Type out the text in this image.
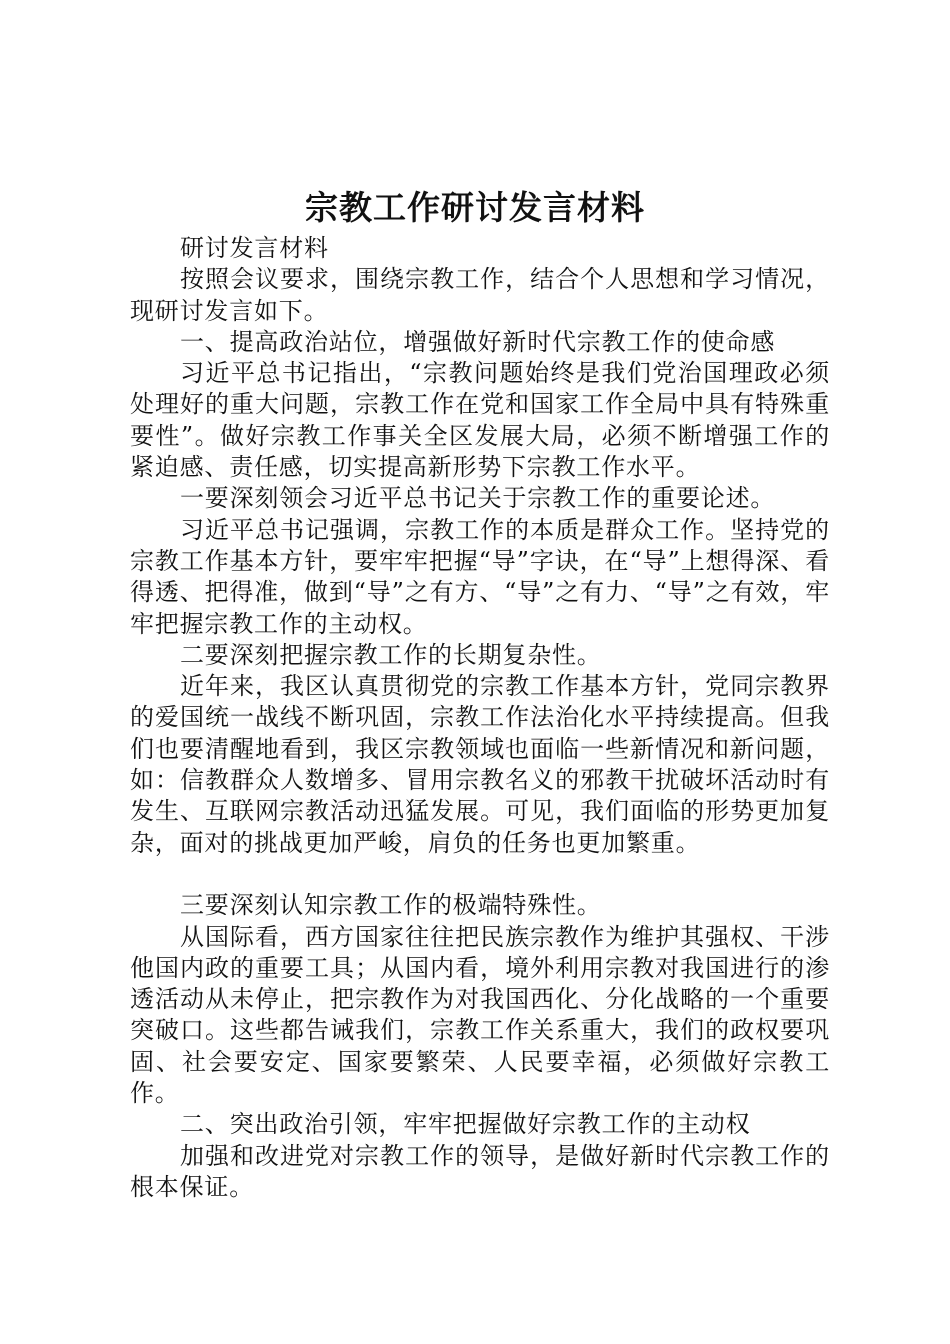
宗教工作研讨发言材料

研讨发言材料

按照会议要求，围绕宗教工作，结合个人思想和学习情况，现研讨发言如下。

一、提高政治站位，增强做好新时代宗教工作的使命感

习近平总书记指出，“宗教问题始终是我们党治国理政必须处理好的重大问题，宗教工作在党和国家工作全局中具有特殊重要性”。做好宗教工作事关全区发展大局，必须不断增强工作的紧迫感、责任感，切实提高新形势下宗教工作水平。

一要深刻领会习近平总书记关于宗教工作的重要论述。

习近平总书记强调，宗教工作的本质是群众工作。坚持党的宗教工作基本方针，要牢牢把握“导”字诀，在“导”上想得深、看得透、把得准，做到“导”之有方、“导”之有力、“导”之有效，牢牢把握宗教工作的主动权。

二要深刻把握宗教工作的长期复杂性。

近年来，我区认真贯彻党的宗教工作基本方针，党同宗教界的爱国统一战线不断巩固，宗教工作法治化水平持续提高。但我们也要清醒地看到，我区宗教领域也面临一些新情况和新问题，如：信教群众人数增多、冒用宗教名义的邪教干扰破坏活动时有发生、互联网宗教活动迅猛发展。可见，我们面临的形势更加复杂，面对的挑战更加严峻，肩负的任务也更加繁重。

三要深刻认知宗教工作的极端特殊性。

从国际看，西方国家往往把民族宗教作为维护其强权、干涉他国内政的重要工具；从国内看，境外利用宗教对我国进行的渗透活动从未停止，把宗教作为对我国西化、分化战略的一个重要突破口。这些都告诫我们，宗教工作关系重大，我们的政权要巩固、社会要安定、国家要繁荣、人民要幸福，必须做好宗教工作。

二、突出政治引领，牢牢把握做好宗教工作的主动权

加强和改进党对宗教工作的领导，是做好新时代宗教工作的根本保证。
